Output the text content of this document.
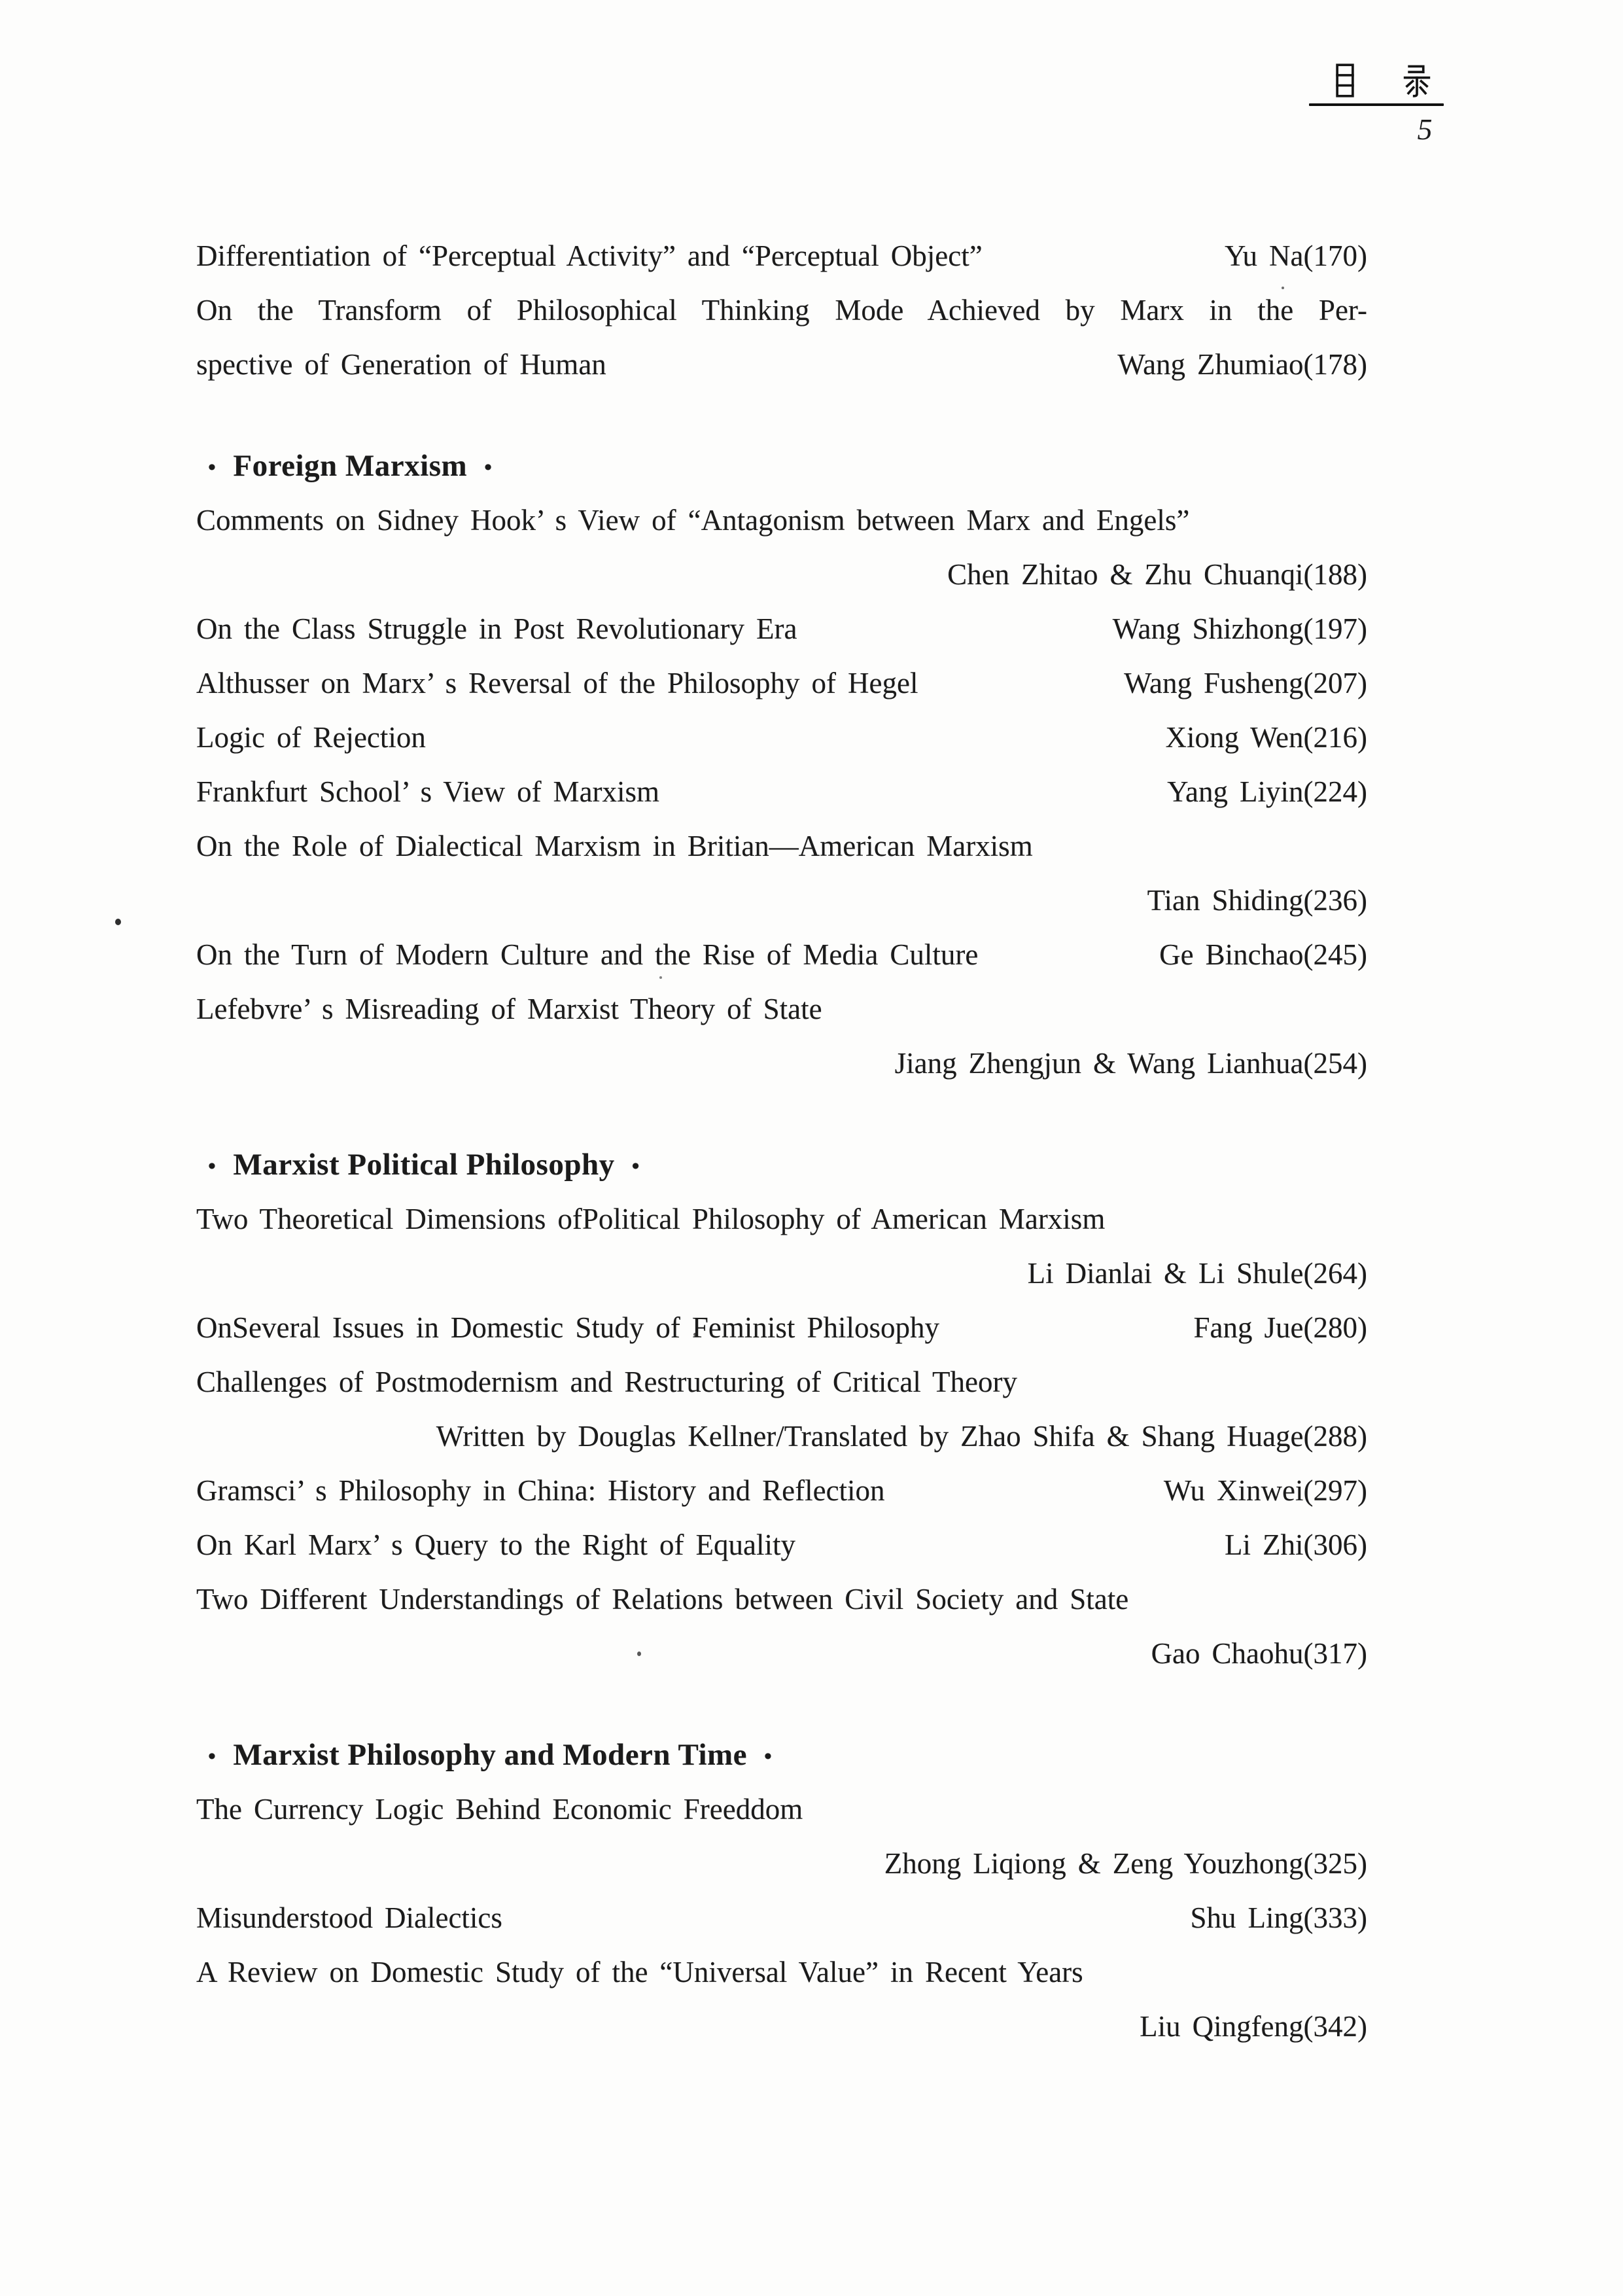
5
Differentiation of “Perceptual Activity” and “Perceptual Object”	Yu Na(170)
On the Transform of Philosophical Thinking Mode Achieved by Marx in the Per-
spective of Generation of Human	Wang Zhumiao(178)
• Foreign Marxism •
Comments on Sidney Hook’ s View of “Antagonism between Marx and Engels”
Chen Zhitao & Zhu Chuanqi(188)
On the Class Struggle in Post Revolutionary Era	Wang Shizhong(197)
Althusser on Marx’ s Reversal of the Philosophy of Hegel	Wang Fusheng(207)
Logic of Rejection	Xiong Wen(216)
Frankfurt School’ s View of Marxism	Yang Liyin(224)
On the Role of Dialectical Marxism in Britian—American Marxism
Tian Shiding(236)
On the Turn of Modern Culture and the Rise of Media Culture	Ge Binchao(245)
Lefebvre’ s Misreading of Marxist Theory of State
Jiang Zhengjun & Wang Lianhua(254)
• Marxist Political Philosophy •
Two Theoretical Dimensions ofPolitical Philosophy of American Marxism
Li Dianlai & Li Shule(264)
OnSeveral Issues in Domestic Study of Feminist Philosophy	Fang Jue(280)
Challenges of Postmodernism and Restructuring of Critical Theory
Written by Douglas Kellner/Translated by Zhao Shifa & Shang Huage(288)
Gramsci’ s Philosophy in China: History and Reflection	Wu Xinwei(297)
On Karl Marx’ s Query to the Right of Equality	Li Zhi(306)
Two Different Understandings of Relations between Civil Society and State
Gao Chaohu(317)
• Marxist Philosophy and Modern Time •
The Currency Logic Behind Economic Freeddom
Zhong Liqiong & Zeng Youzhong(325)
Misunderstood Dialectics	Shu Ling(333)
A Review on Domestic Study of the “Universal Value” in Recent Years
Liu Qingfeng(342)
